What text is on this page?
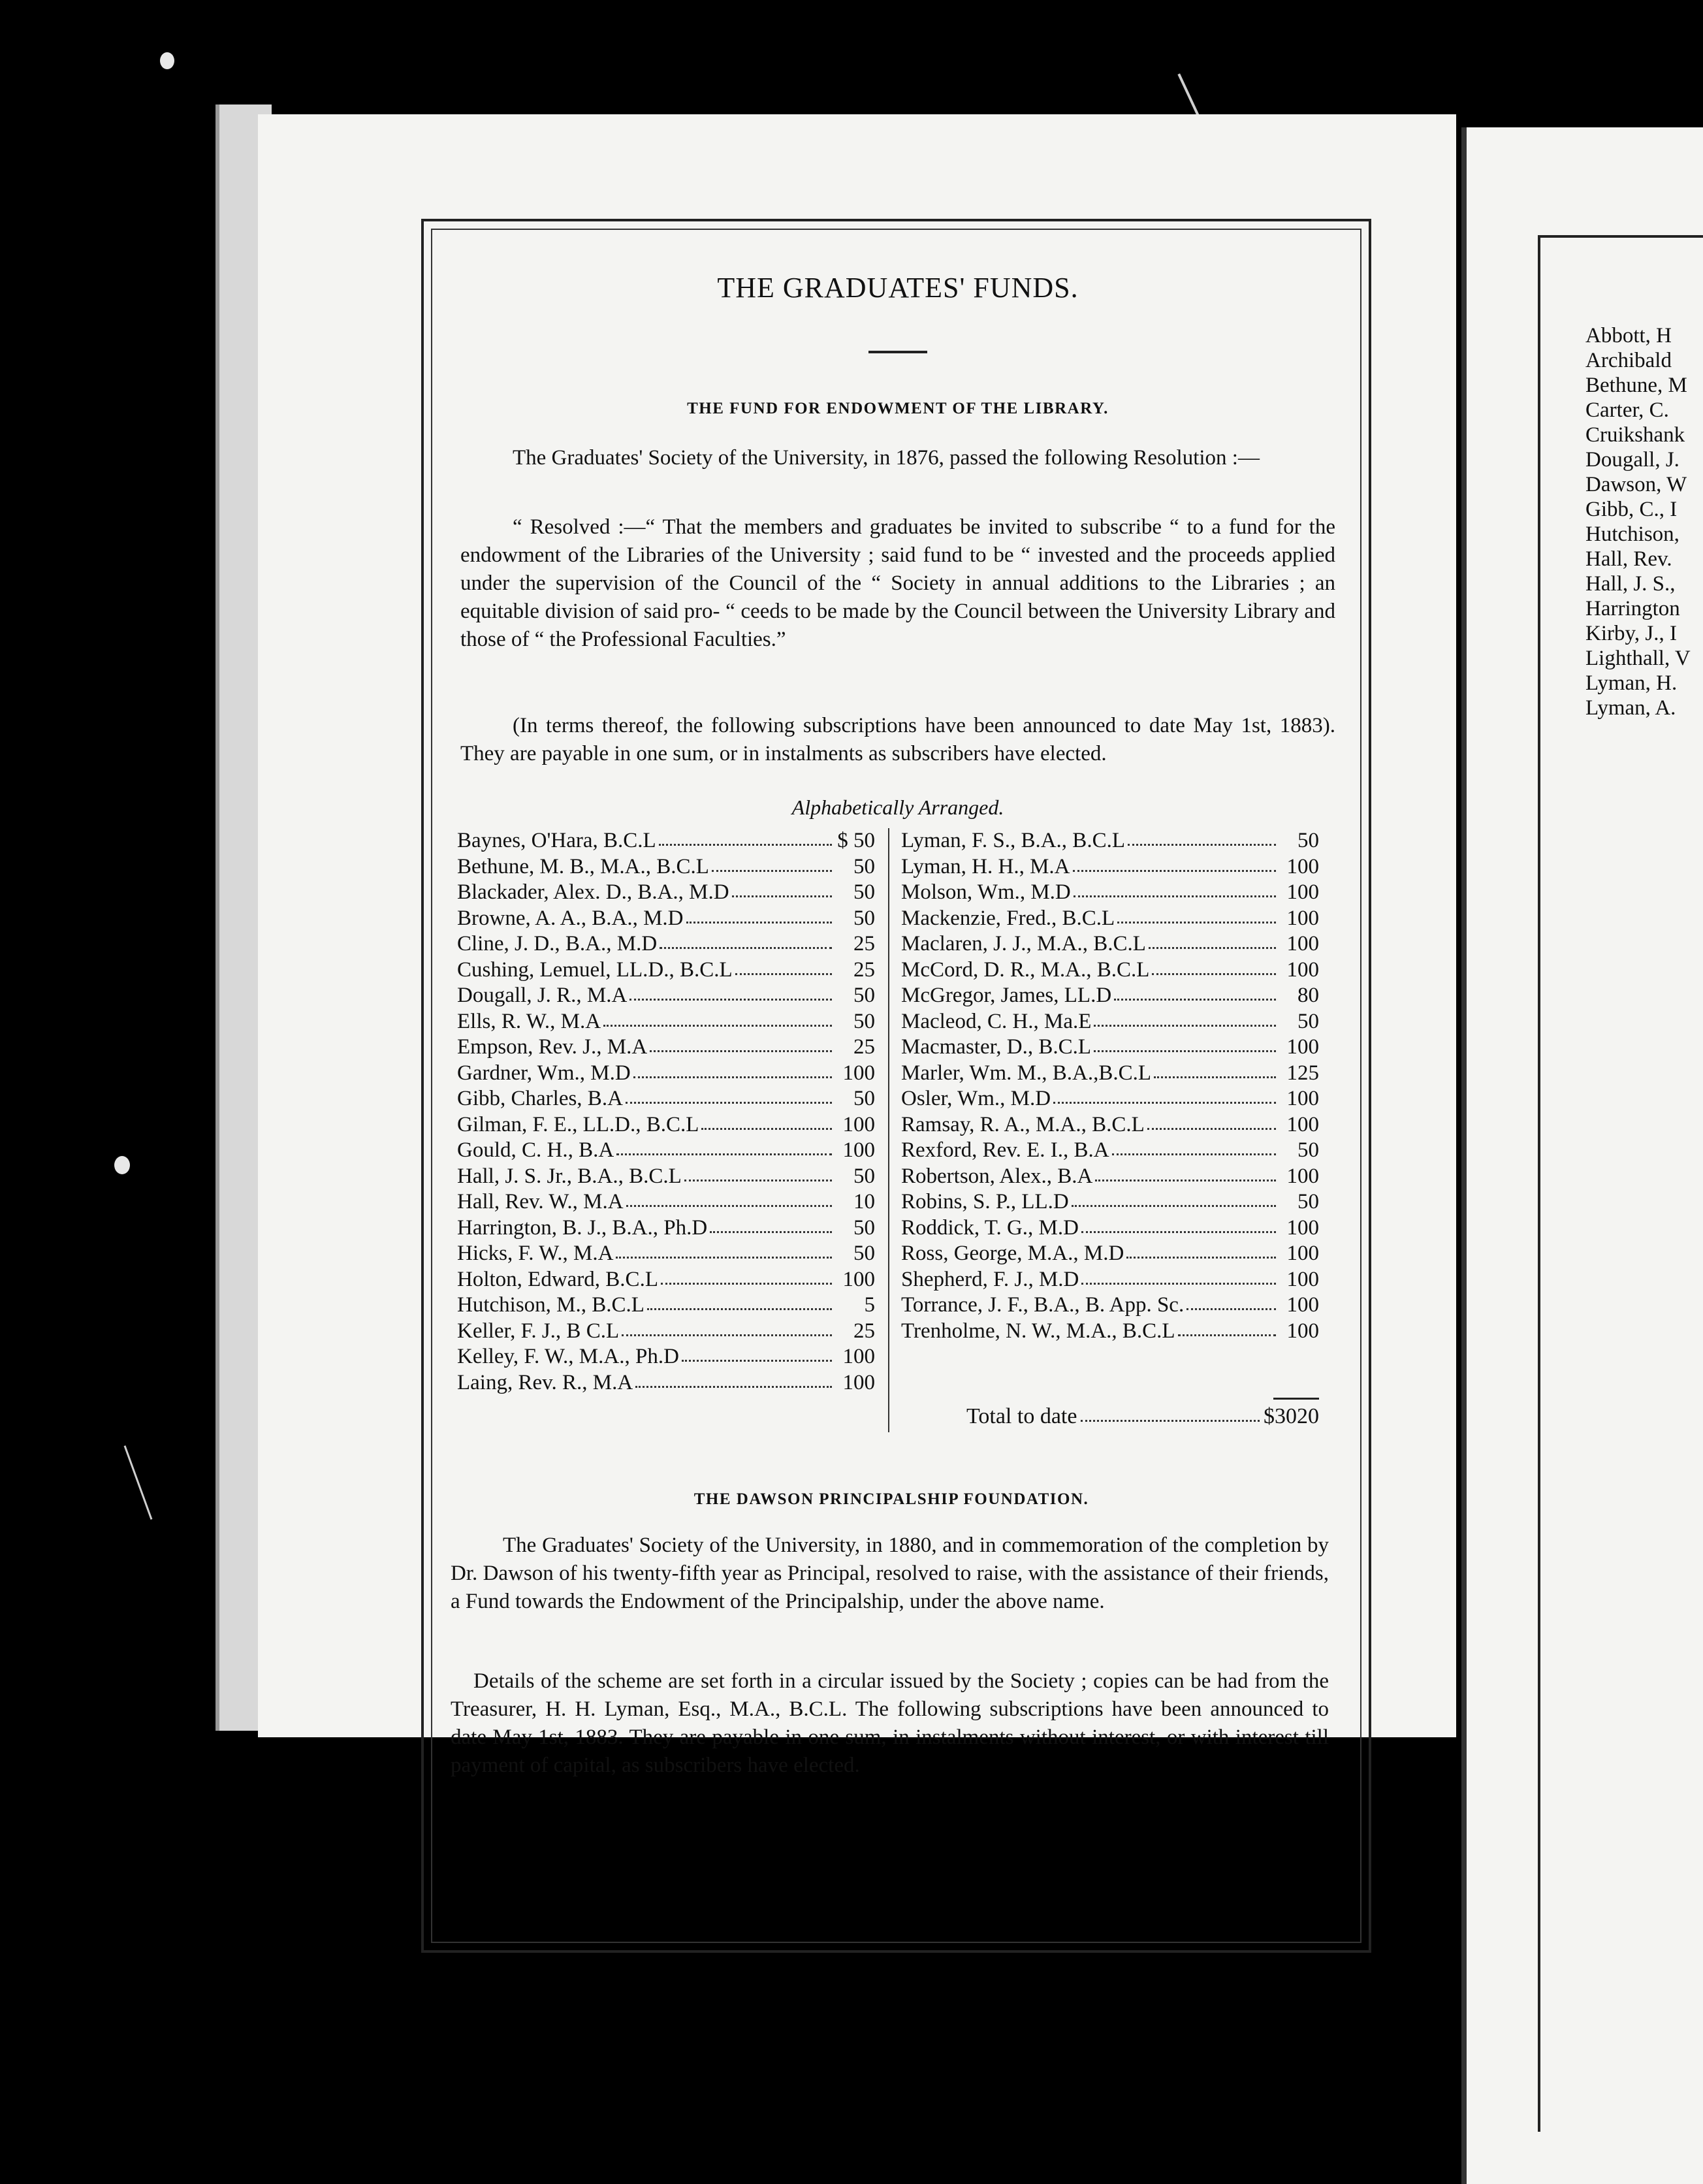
Abbott, H
Archibald
Bethune, M
Carter, C.
Cruikshank
Dougall, J.
Dawson, W
Gibb, C., I
Hutchison,
Hall, Rev.
Hall, J. S.,
Harrington
Kirby, J., I
Lighthall, V
Lyman, H.
Lyman, A.
THE GRADUATES' FUNDS.
THE FUND FOR ENDOWMENT OF THE LIBRARY.
The Graduates' Society of the University, in 1876, passed the following Resolution :—
“ Resolved :—“ That the members and graduates be invited to subscribe “ to a fund for the endowment of the Libraries of the University ; said fund to be “ invested and the proceeds applied under the supervision of the Council of the “ Society in annual additions to the Libraries ; an equitable division of said pro- “ ceeds to be made by the Council between the University Library and those of “ the Professional Faculties.”
(In terms thereof, the following subscriptions have been announced to date May 1st, 1883). They are payable in one sum, or in instalments as subscribers have elected.
Alphabetically Arranged.
Baynes, O'Hara, B.C.L	$ 50
Bethune, M. B., M.A., B.C.L	50
Blackader, Alex. D., B.A., M.D	50
Browne, A. A., B.A., M.D	50
Cline, J. D., B.A., M.D	25
Cushing, Lemuel, LL.D., B.C.L	25
Dougall, J. R., M.A	50
Ells, R. W., M.A	50
Empson, Rev. J., M.A	25
Gardner, Wm., M.D	100
Gibb, Charles, B.A	50
Gilman, F. E., LL.D., B.C.L	100
Gould, C. H., B.A	100
Hall, J. S. Jr., B.A., B.C.L	50
Hall, Rev. W., M.A	10
Harrington, B. J., B.A., Ph.D	50
Hicks, F. W., M.A	50
Holton, Edward, B.C.L	100
Hutchison, M., B.C.L	5
Keller, F. J., B C.L	25
Kelley, F. W., M.A., Ph.D	100
Laing, Rev. R., M.A	100
Lyman, F. S., B.A., B.C.L	50
Lyman, H. H., M.A	100
Molson, Wm., M.D	100
Mackenzie, Fred., B.C.L	100
Maclaren, J. J., M.A., B.C.L	100
McCord, D. R., M.A., B.C.L	100
McGregor, James, LL.D	80
Macleod, C. H., Ma.E	50
Macmaster, D., B.C.L	100
Marler, Wm. M., B.A.,B.C.L	125
Osler, Wm., M.D	100
Ramsay, R. A., M.A., B.C.L	100
Rexford, Rev. E. I., B.A	50
Robertson, Alex., B.A	100
Robins, S. P., LL.D	50
Roddick, T. G., M.D	100
Ross, George, M.A., M.D	100
Shepherd, F. J., M.D	100
Torrance, J. F., B.A., B. App. Sc.	100
Trenholme, N. W., M.A., B.C.L	100
Total to date	$3020
THE DAWSON PRINCIPALSHIP FOUNDATION.
The Graduates' Society of the University, in 1880, and in commemoration of the completion by Dr. Dawson of his twenty-fifth year as Principal, resolved to raise, with the assistance of their friends, a Fund towards the Endowment of the Principalship, under the above name.
Details of the scheme are set forth in a circular issued by the Society ; copies can be had from the Treasurer, H. H. Lyman, Esq., M.A., B.C.L. The following subscriptions have been announced to date May 1st, 1883. They are payable in one sum, in instalments without interest, or with interest till payment of capital, as subscribers have elected.
